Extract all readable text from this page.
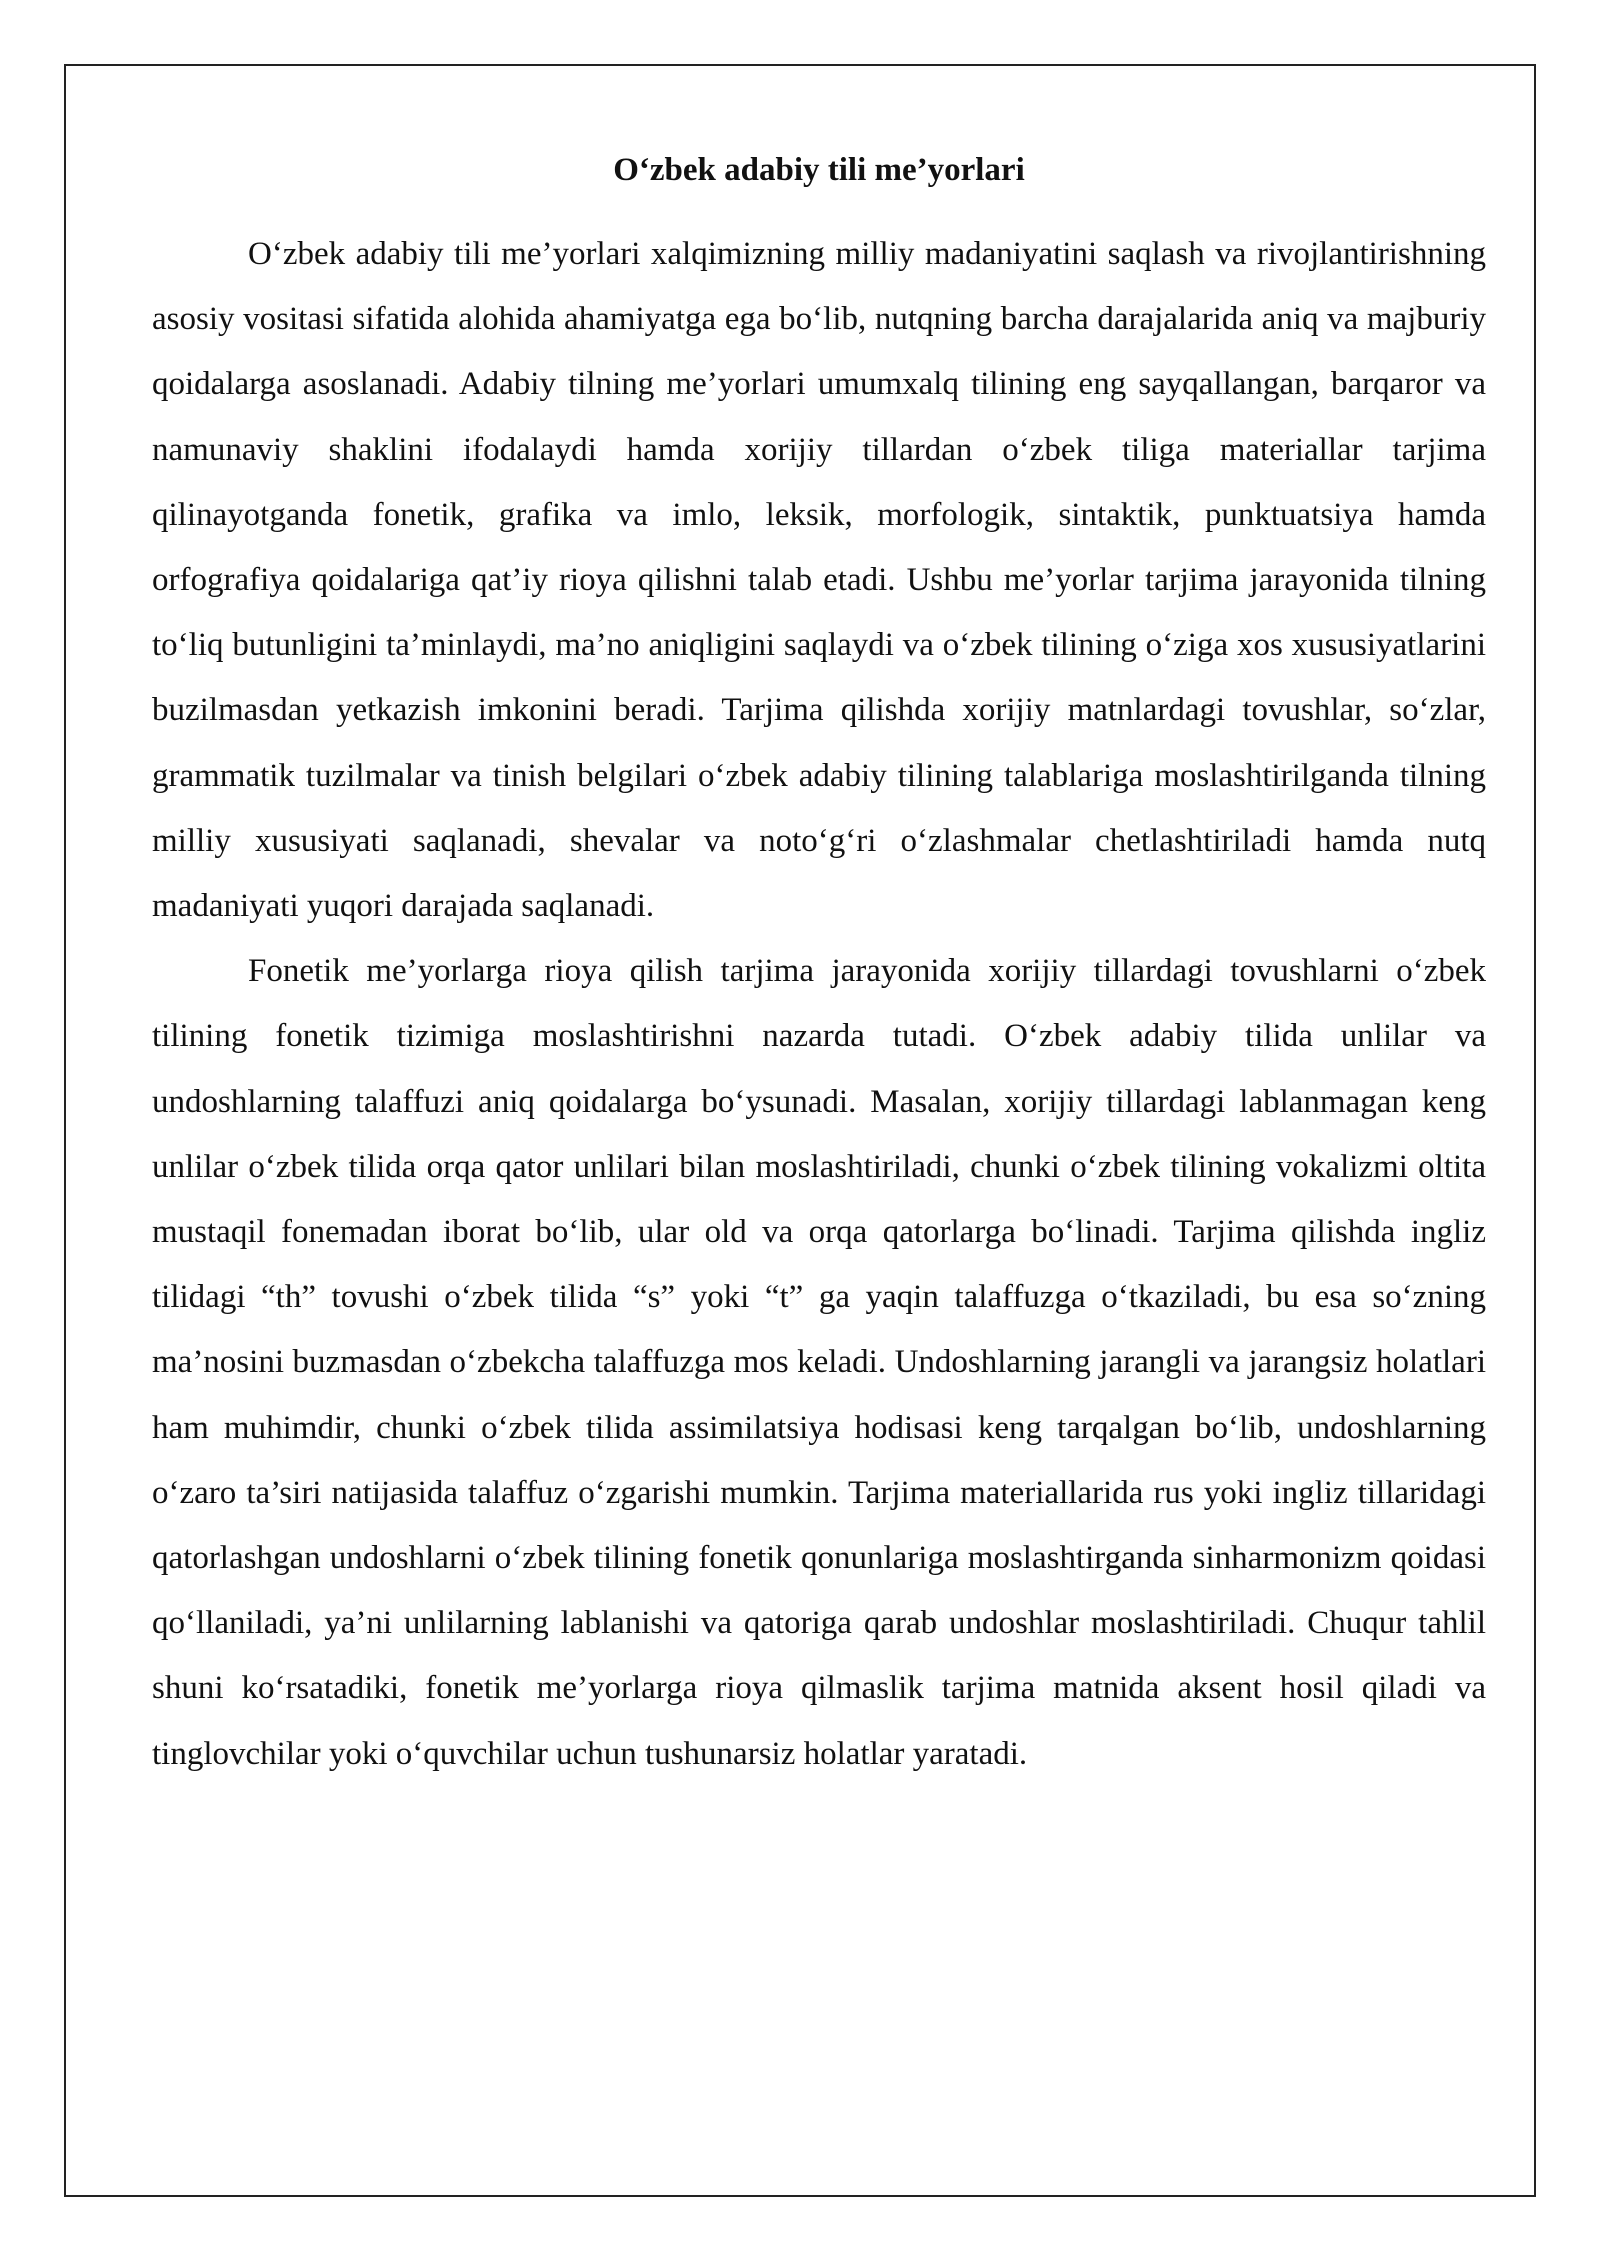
O‘zbek adabiy tili me’yorlari

O‘zbek adabiy tili me’yorlari xalqimizning milliy madaniyatini saqlash va rivojlantirishning asosiy vositasi sifatida alohida ahamiyatga ega bo‘lib, nutqning barcha darajalarida aniq va majburiy qoidalarga asoslanadi. Adabiy tilning me’yorlari umumxalq tilining eng sayqallangan, barqaror va namunaviy shaklini ifodalaydi hamda xorijiy tillardan o‘zbek tiliga materiallar tarjima qilinayotganda fonetik, grafika va imlo, leksik, morfologik, sintaktik, punktuatsiya hamda orfografiya qoidalariga qat’iy rioya qilishni talab etadi. Ushbu me’yorlar tarjima jarayonida tilning to‘liq butunligini ta’minlaydi, ma’no aniqligini saqlaydi va o‘zbek tilining o‘ziga xos xususiyatlarini buzilmasdan yetkazish imkonini beradi. Tarjima qilishda xorijiy matnlardagi tovushlar, so‘zlar, grammatik tuzilmalar va tinish belgilari o‘zbek adabiy tilining talablariga moslashtirilganda tilning milliy xususiyati saqlanadi, shevalar va noto‘g‘ri o‘zlashmalar chetlashtiriladi hamda nutq madaniyati yuqori darajada saqlanadi.

Fonetik me’yorlarga rioya qilish tarjima jarayonida xorijiy tillardagi tovushlarni o‘zbek tilining fonetik tizimiga moslashtirishni nazarda tutadi. O‘zbek adabiy tilida unlilar va undoshlarning talaffuzi aniq qoidalarga bo‘ysunadi. Masalan, xorijiy tillardagi lablanmagan keng unlilar o‘zbek tilida orqa qator unlilari bilan moslashtiriladi, chunki o‘zbek tilining vokalizmi oltita mustaqil fonemadan iborat bo‘lib, ular old va orqa qatorlarga bo‘linadi. Tarjima qilishda ingliz tilidagi “th” tovushi o‘zbek tilida “s” yoki “t” ga yaqin talaffuzga o‘tkaziladi, bu esa so‘zning ma’nosini buzmasdan o‘zbekcha talaffuzga mos keladi. Undoshlarning jarangli va jarangsiz holatlari ham muhimdir, chunki o‘zbek tilida assimilatsiya hodisasi keng tarqalgan bo‘lib, undoshlarning o‘zaro ta’siri natijasida talaffuz o‘zgarishi mumkin. Tarjima materiallarida rus yoki ingliz tillaridagi qatorlashgan undoshlarni o‘zbek tilining fonetik qonunlariga moslashtirganda sinharmonizm qoidasi qo‘llaniladi, ya’ni unlilarning lablanishi va qatoriga qarab undoshlar moslashtiriladi. Chuqur tahlil shuni ko‘rsatadiki, fonetik me’yorlarga rioya qilmaslik tarjima matnida aksent hosil qiladi va tinglovchilar yoki o‘quvchilar uchun tushunarsiz holatlar yaratadi.
